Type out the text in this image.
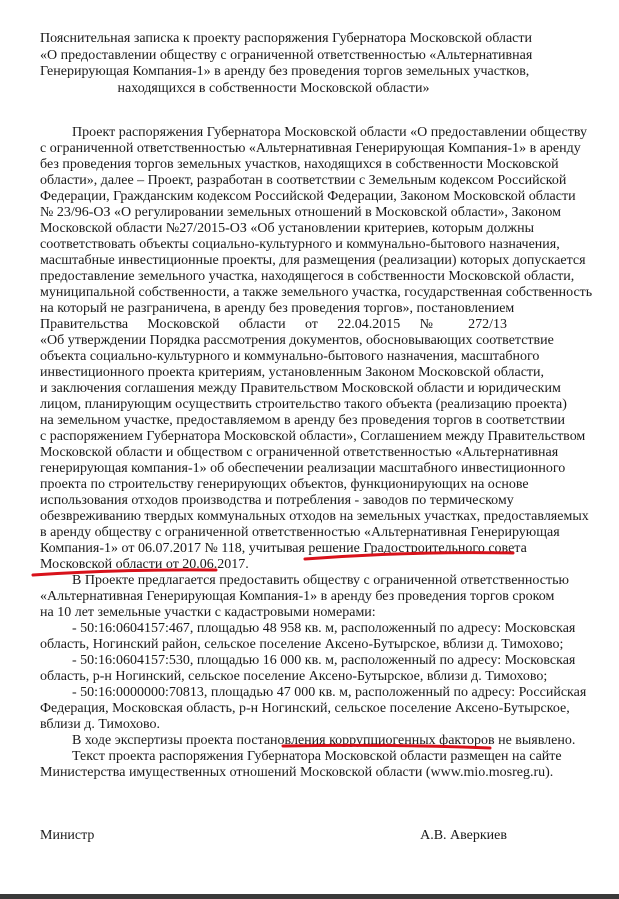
Пояснительная записка к проекту распоряжения Губернатора Московской области
«О предоставлении обществу с ограниченной ответственностью «Альтернативная
Генерирующая Компания-1» в аренду без проведения торгов земельных участков,
находящихся в собственности Московской области»
Проект распоряжения Губернатора Московской области «О предоставлении обществу
с ограниченной ответственностью «Альтернативная Генерирующая Компания-1» в аренду
без проведения торгов земельных участков, находящихся в собственности Московской
области», далее – Проект, разработан в соответствии с Земельным кодексом Российской
Федерации, Гражданским кодексом Российской Федерации, Законом Московской области
№ 23/96-ОЗ «О регулировании земельных отношений в Московской области», Законом
Московской области №27/2015-ОЗ «Об установлении критериев, которым должны
соответствовать объекты социально-культурного и коммунально-бытового назначения,
масштабные инвестиционные проекты, для размещения (реализации) которых допускается
предоставление земельного участка, находящегося в собственности Московской области,
муниципальной собственности, а также земельного участка, государственная собственность
на который не разграничена, в аренду без проведения торгов», постановлением
Правительства Московской области от 22.04.2015 № 272/13
«Об утверждении Порядка рассмотрения документов, обосновывающих соответствие
объекта социально-культурного и коммунально-бытового назначения, масштабного
инвестиционного проекта критериям, установленным Законом Московской области,
и заключения соглашения между Правительством Московской области и юридическим
лицом, планирующим осуществить строительство такого объекта (реализацию проекта)
на земельном участке, предоставляемом в аренду без проведения торгов в соответствии
с распоряжением Губернатора Московской области», Соглашением между Правительством
Московской области и обществом с ограниченной ответственностью «Альтернативная
генерирующая компания-1» об обеспечении реализации масштабного инвестиционного
проекта по строительству генерирующих объектов, функционирующих на основе
использования отходов производства и потребления - заводов по термическому
обезвреживанию твердых коммунальных отходов на земельных участках, предоставляемых
в аренду обществу с ограниченной ответственностью «Альтернативная Генерирующая
Компания-1» от 06.07.2017 № 118, учитывая решение Градостроительного совета
Московской области от 20.06.2017.
В Проекте предлагается предоставить обществу с ограниченной ответственностью
«Альтернативная Генерирующая Компания-1» в аренду без проведения торгов сроком
на 10 лет земельные участки с кадастровыми номерами:
- 50:16:0604157:467, площадью 48 958 кв. м, расположенный по адресу: Московская
область, Ногинский район, сельское поселение Аксено-Бутырское, вблизи д. Тимохово;
- 50:16:0604157:530, площадью 16 000 кв. м, расположенный по адресу: Московская
область, р-н Ногинский, сельское поселение Аксено-Бутырское, вблизи д. Тимохово;
- 50:16:0000000:70813, площадью 47 000 кв. м, расположенный по адресу: Российская
Федерация, Московская область, р-н Ногинский, сельское поселение Аксено-Бутырское,
вблизи д. Тимохово.
В ходе экспертизы проекта постановления коррупциогенных факторов не выявлено.
Текст проекта распоряжения Губернатора Московской области размещен на сайте
Министерства имущественных отношений Московской области (www.mio.mosreg.ru).
Министр	А.В. Аверкиев
